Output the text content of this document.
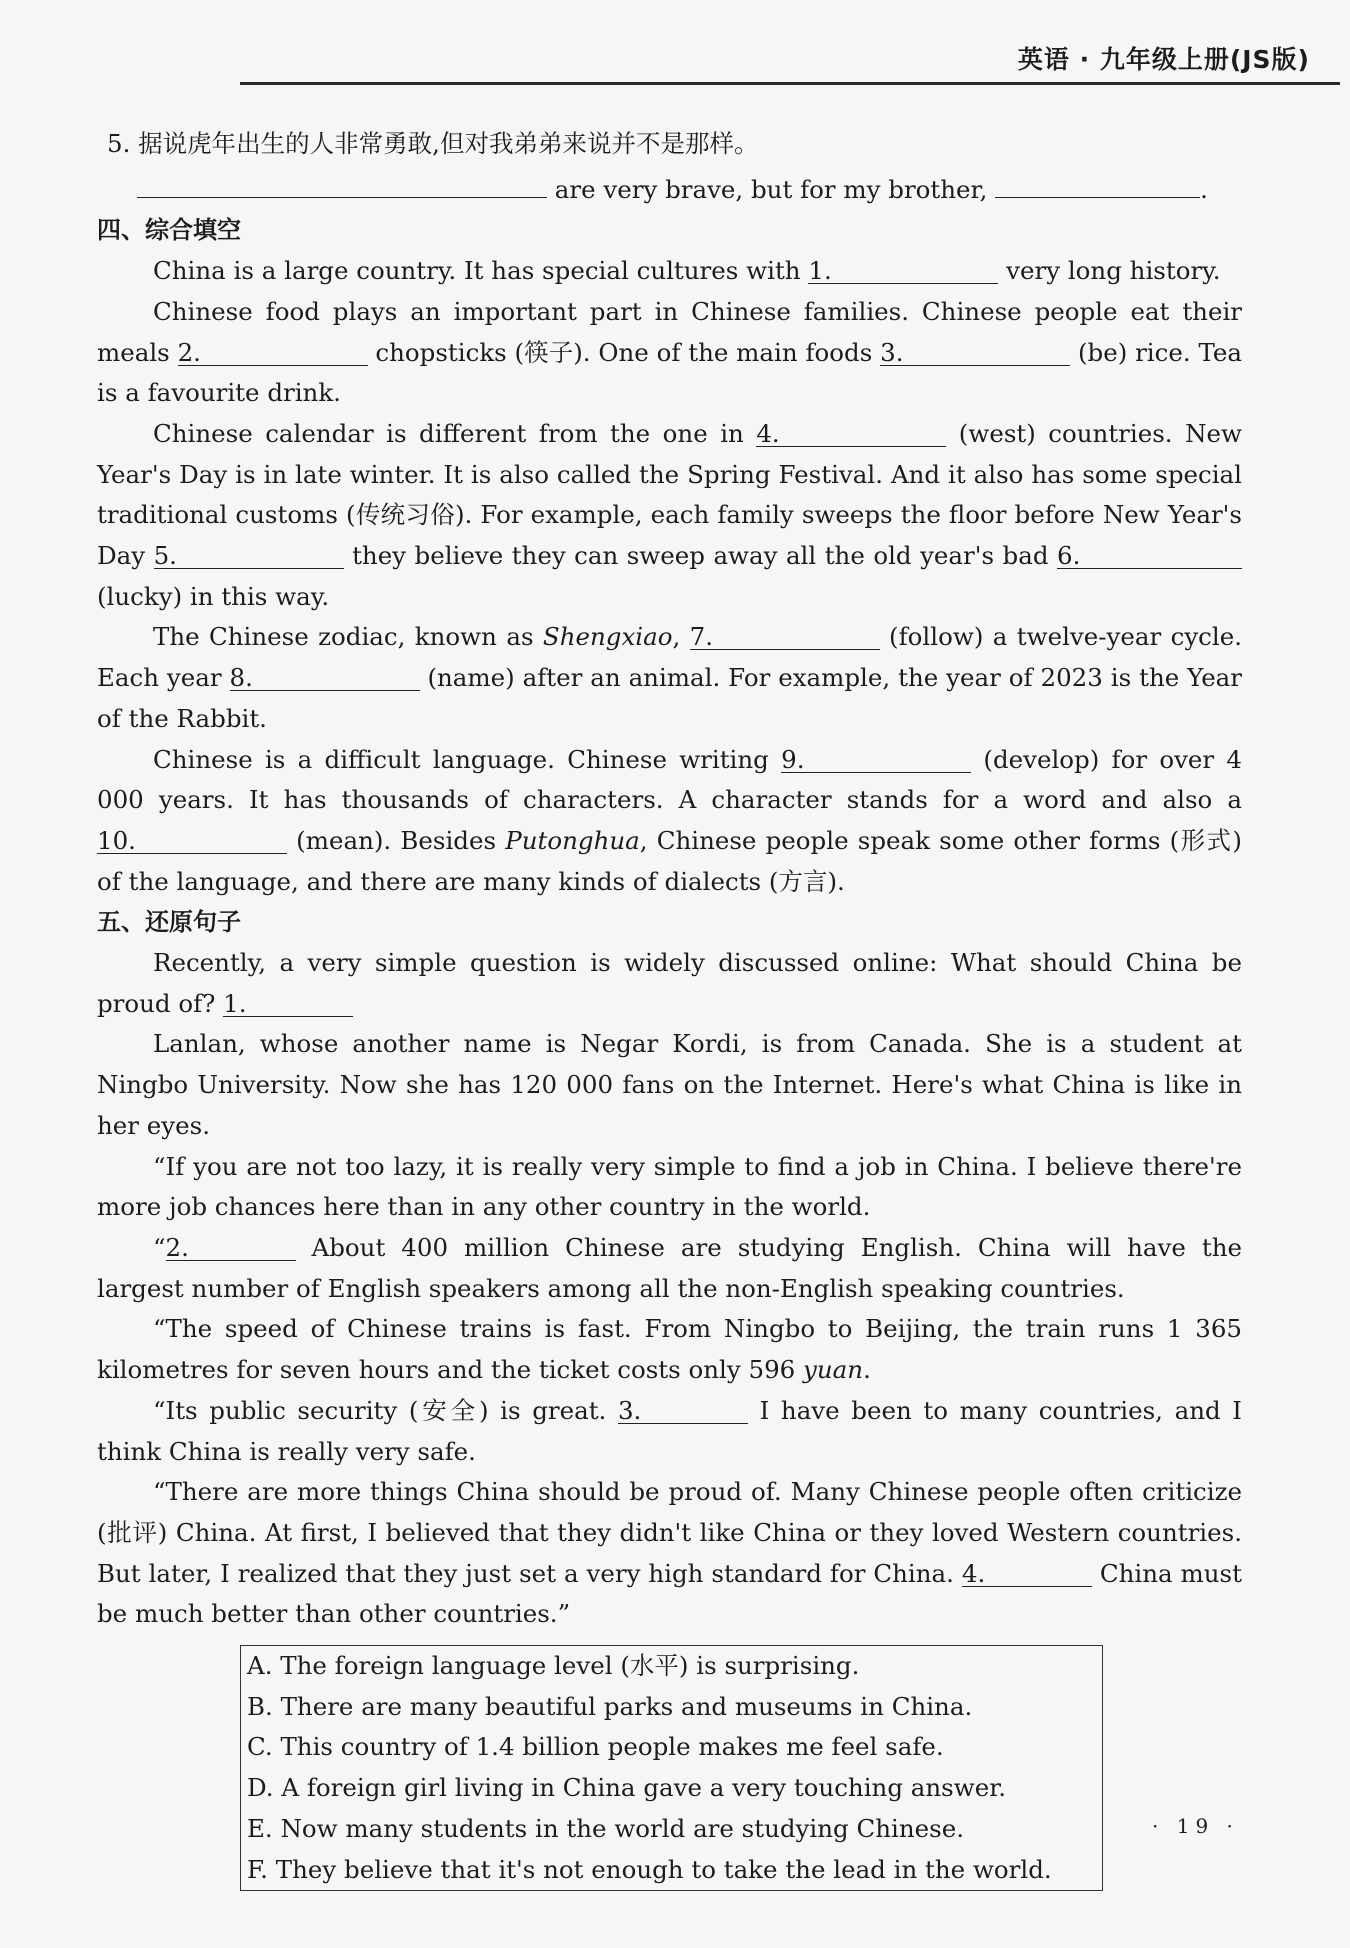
英语 · 九年级上册(JS版)

5. 据说虎年出生的人非常勇敢,但对我弟弟来说并不是那样。

are very brave, but for my brother,	.

四、综合填空

China is a large country. It has special cultures with 1.	very long history.

Chinese food plays an important part in Chinese families. Chinese people eat their meals 2.	chopsticks (筷子). One of the main foods 3.	(be) rice. Tea is a favourite drink.

Chinese calendar is different from the one in 4.	(west) countries. New Year's Day is in late winter. It is also called the Spring Festival. And it also has some special traditional customs (传统习俗). For example, each family sweeps the floor before New Year's Day 5.	they believe they can sweep away all the old year's bad 6. (lucky) in this way.

The Chinese zodiac, known as Shengxiao, 7.	(follow) a twelve-year cycle. Each year 8.	(name) after an animal. For example, the year of 2023 is the Year of the Rabbit.

Chinese is a difficult language. Chinese writing 9.	(develop) for over 4 000 years. It has thousands of characters. A character stands for a word and also a 10.	(mean). Besides Putonghua, Chinese people speak some other forms (形式) of the language, and there are many kinds of dialects (方言).

五、还原句子

Recently, a very simple question is widely discussed online: What should China be proud of? 1.

Lanlan, whose another name is Negar Kordi, is from Canada. She is a student at Ningbo University. Now she has 120 000 fans on the Internet. Here's what China is like in her eyes.

“If you are not too lazy, it is really very simple to find a job in China. I believe there're more job chances here than in any other country in the world.

“2.	About 400 million Chinese are studying English. China will have the largest number of English speakers among all the non-English speaking countries.

“The speed of Chinese trains is fast. From Ningbo to Beijing, the train runs 1 365 kilometres for seven hours and the ticket costs only 596 yuan.

“Its public security (安全) is great. 3.	I have been to many countries, and I think China is really very safe.

“There are more things China should be proud of. Many Chinese people often criticize (批评) China. At first, I believed that they didn't like China or they loved Western countries. But later, I realized that they just set a very high standard for China. 4.	China must be much better than other countries.”

A. The foreign language level (水平) is surprising.
B. There are many beautiful parks and museums in China.
C. This country of 1.4 billion people makes me feel safe.
D. A foreign girl living in China gave a very touching answer.
E. Now many students in the world are studying Chinese.
F. They believe that it's not enough to take the lead in the world.
· 19 ·
